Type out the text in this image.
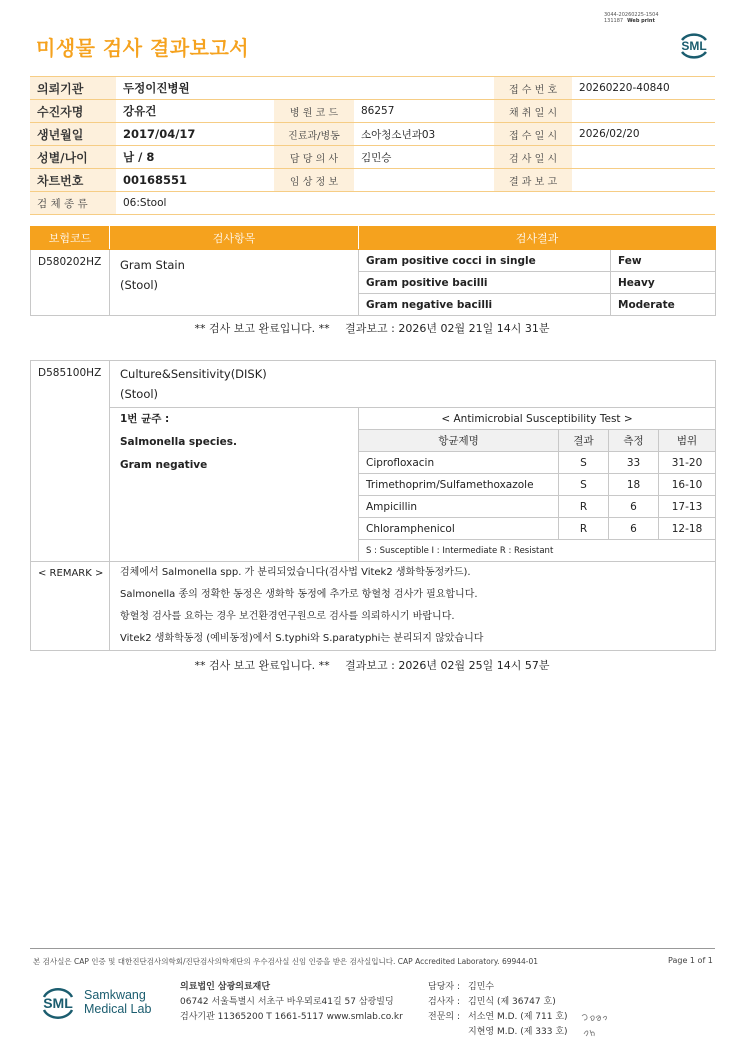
3044-20260225-1504
131187 Web print
미생물 검사 결과보고서	SML
의뢰기관	두정이진병원			접 수 번 호	20260220-40840
수진자명	강유건	병 원 코 드	86257	채 취 일 시	
생년월일	2017/04/17	진료과/병동	소아청소년과03	접 수 일 시	2026/02/20
성별/나이	남 / 8	담 당 의 사	김민승	검 사 일 시	
차트번호	00168551	임 상 정 보		결 과 보 고	
검 체 종 류	06:Stool				
보험코드	검사항목	검사결과	
D580202HZ	Gram Stain
(Stool)	Gram positive cocci in single	Few
		Gram positive bacilli	Heavy
		Gram negative bacilli	Moderate
** 검사 보고 완료입니다. ** 결과보고 : 2026년 02월 21일 14시 31분
D585100HZ	Culture&Sensitivity(DISK)
(Stool)				

	1번 균주 :
Salmonella species.
Gram negative	< Antimicrobial Susceptibility Test >			
		항균제명	결과	측정	범위
		Ciprofloxacin	S	33	31-20
		Trimethoprim/Sulfamethoxazole	S	18	16-10
		Ampicillin	R	6	17-13
		Chloramphenicol	R	6	12-18
		S : Susceptible I : Intermediate R : Resistant			
< REMARK >	검체에서 Salmonella spp. 가 분리되었습니다(검사법 Vitek2 생화학동정카드).
Salmonella 종의 정확한 동정은 생화학 동정에 추가로 항혈청 검사가 필요합니다.
항혈청 검사를 요하는 경우 보건환경연구원으로 검사를 의뢰하시기 바랍니다.
Vitek2 생화학동정 (예비동정)에서 S.typhi와 S.paratyphi는 분리되지 않았습니다				
** 검사 보고 완료입니다. ** 결과보고 : 2026년 02월 25일 14시 57분
본 검사실은 CAP 인증 및 대한진단검사의학회/진단검사의학재단의 우수검사실 신임 인증을 받은 검사실입니다. CAP Accredited Laboratory. 69944-01	Page 1 of 1
SML Samkwang
Medical Lab
의료법인 삼광의료재단
06742 서울특별시 서초구 바우뫼로41길 57 삼광빌딩
검사기관 11365200 T 1661-5117 www.smlab.co.kr
담당자 : 김민수
검사자 : 김민식 (제 36747 호)
전문의 : 서소연 M.D. (제 711 호)
지현영 M.D. (제 333 호)
